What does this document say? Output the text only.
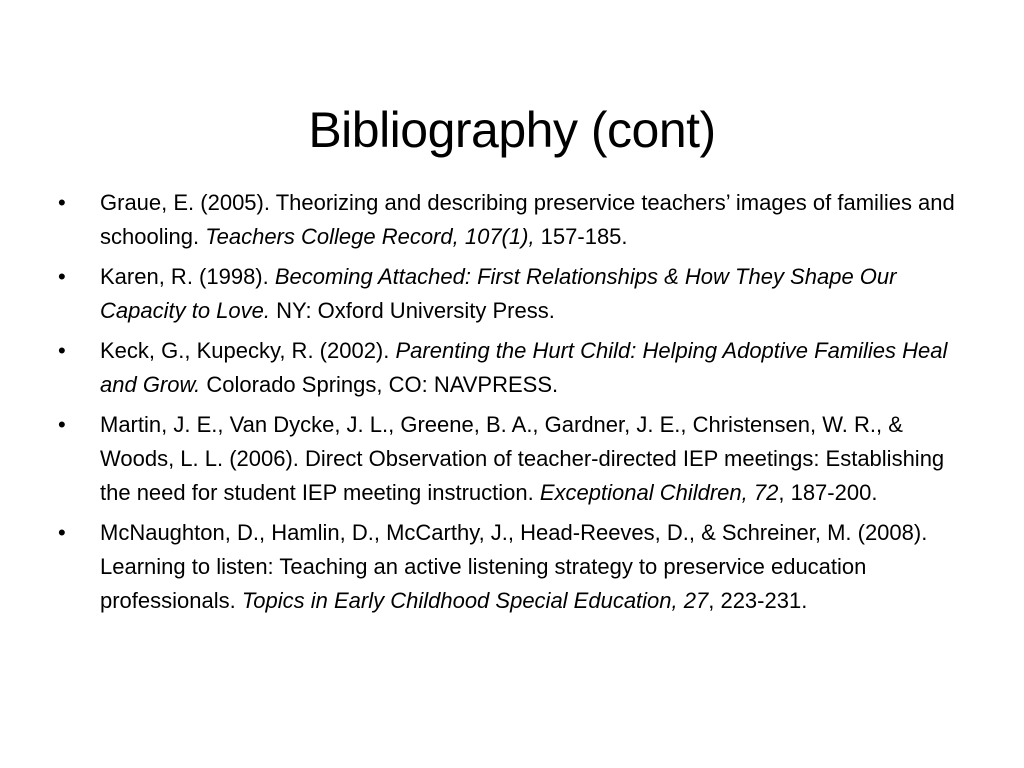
Bibliography (cont)
• Graue, E. (2005). Theorizing and describing preservice teachers’ images of families and schooling. Teachers College Record, 107(1), 157-185.
• Karen, R. (1998). Becoming Attached: First Relationships & How They Shape Our Capacity to Love. NY: Oxford University Press.
• Keck, G., Kupecky, R. (2002). Parenting the Hurt Child: Helping Adoptive Families Heal and Grow. Colorado Springs, CO: NAVPRESS.
• Martin, J. E., Van Dycke, J. L., Greene, B. A., Gardner, J. E., Christensen, W. R., & Woods, L. L. (2006). Direct Observation of teacher-directed IEP meetings: Establishing the need for student IEP meeting instruction. Exceptional Children, 72, 187-200.
• McNaughton, D., Hamlin, D., McCarthy, J., Head-Reeves, D., & Schreiner, M. (2008). Learning to listen: Teaching an active listening strategy to preservice education professionals. Topics in Early Childhood Special Education, 27, 223-231.
